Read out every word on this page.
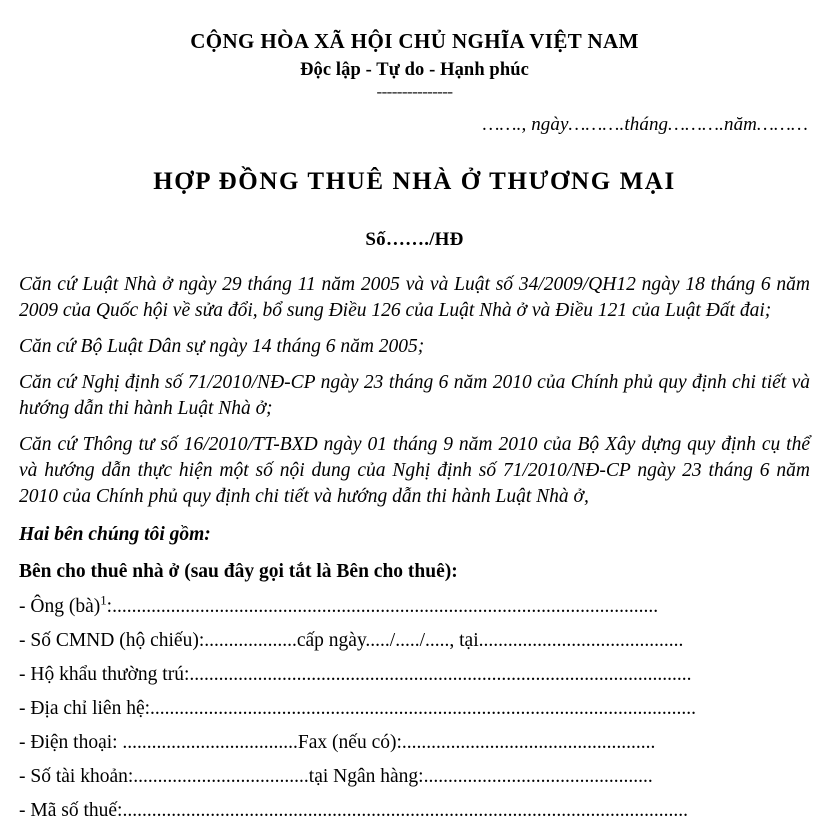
CỘNG HÒA XÃ HỘI CHỦ NGHĨA VIỆT NAM
Độc lập - Tự do - Hạnh phúc
---------------
……., ngày……….tháng……….năm………
HỢP ĐỒNG THUÊ NHÀ Ở THƯƠNG MẠI
Số……./HĐ

Căn cứ Luật Nhà ở ngày 29 tháng 11 năm 2005 và và Luật số 34/2009/QH12 ngày 18 tháng 6 năm 2009 của Quốc hội về sửa đổi, bổ sung Điều 126 của Luật Nhà ở và Điều 121 của Luật Đất đai;

Căn cứ Bộ Luật Dân sự ngày 14 tháng 6 năm 2005;

Căn cứ Nghị định số 71/2010/NĐ-CP ngày 23 tháng 6 năm 2010 của Chính phủ quy định chi tiết và hướng dẫn thi hành Luật Nhà ở;

Căn cứ Thông tư số 16/2010/TT-BXD ngày 01 tháng 9 năm 2010 của Bộ Xây dựng quy định cụ thể và hướng dẫn thực hiện một số nội dung của Nghị định số 71/2010/NĐ-CP ngày 23 tháng 6 năm 2010 của Chính phủ quy định chi tiết và hướng dẫn thi hành Luật Nhà ở,

Hai bên chúng tôi gồm:
Bên cho thuê nhà ở (sau đây gọi tắt là Bên cho thuê):
- Ông (bà)$^1$:................................................................................................................
- Số CMND (hộ chiếu):...................cấp ngày...../...../....., tại..........................................
- Hộ khẩu thường trú:.......................................................................................................
- Địa chỉ liên hệ:................................................................................................................
- Điện thoại: ....................................Fax (nếu có):....................................................
- Số tài khoản:....................................tại Ngân hàng:...............................................
- Mã số thuế:....................................................................................................................
